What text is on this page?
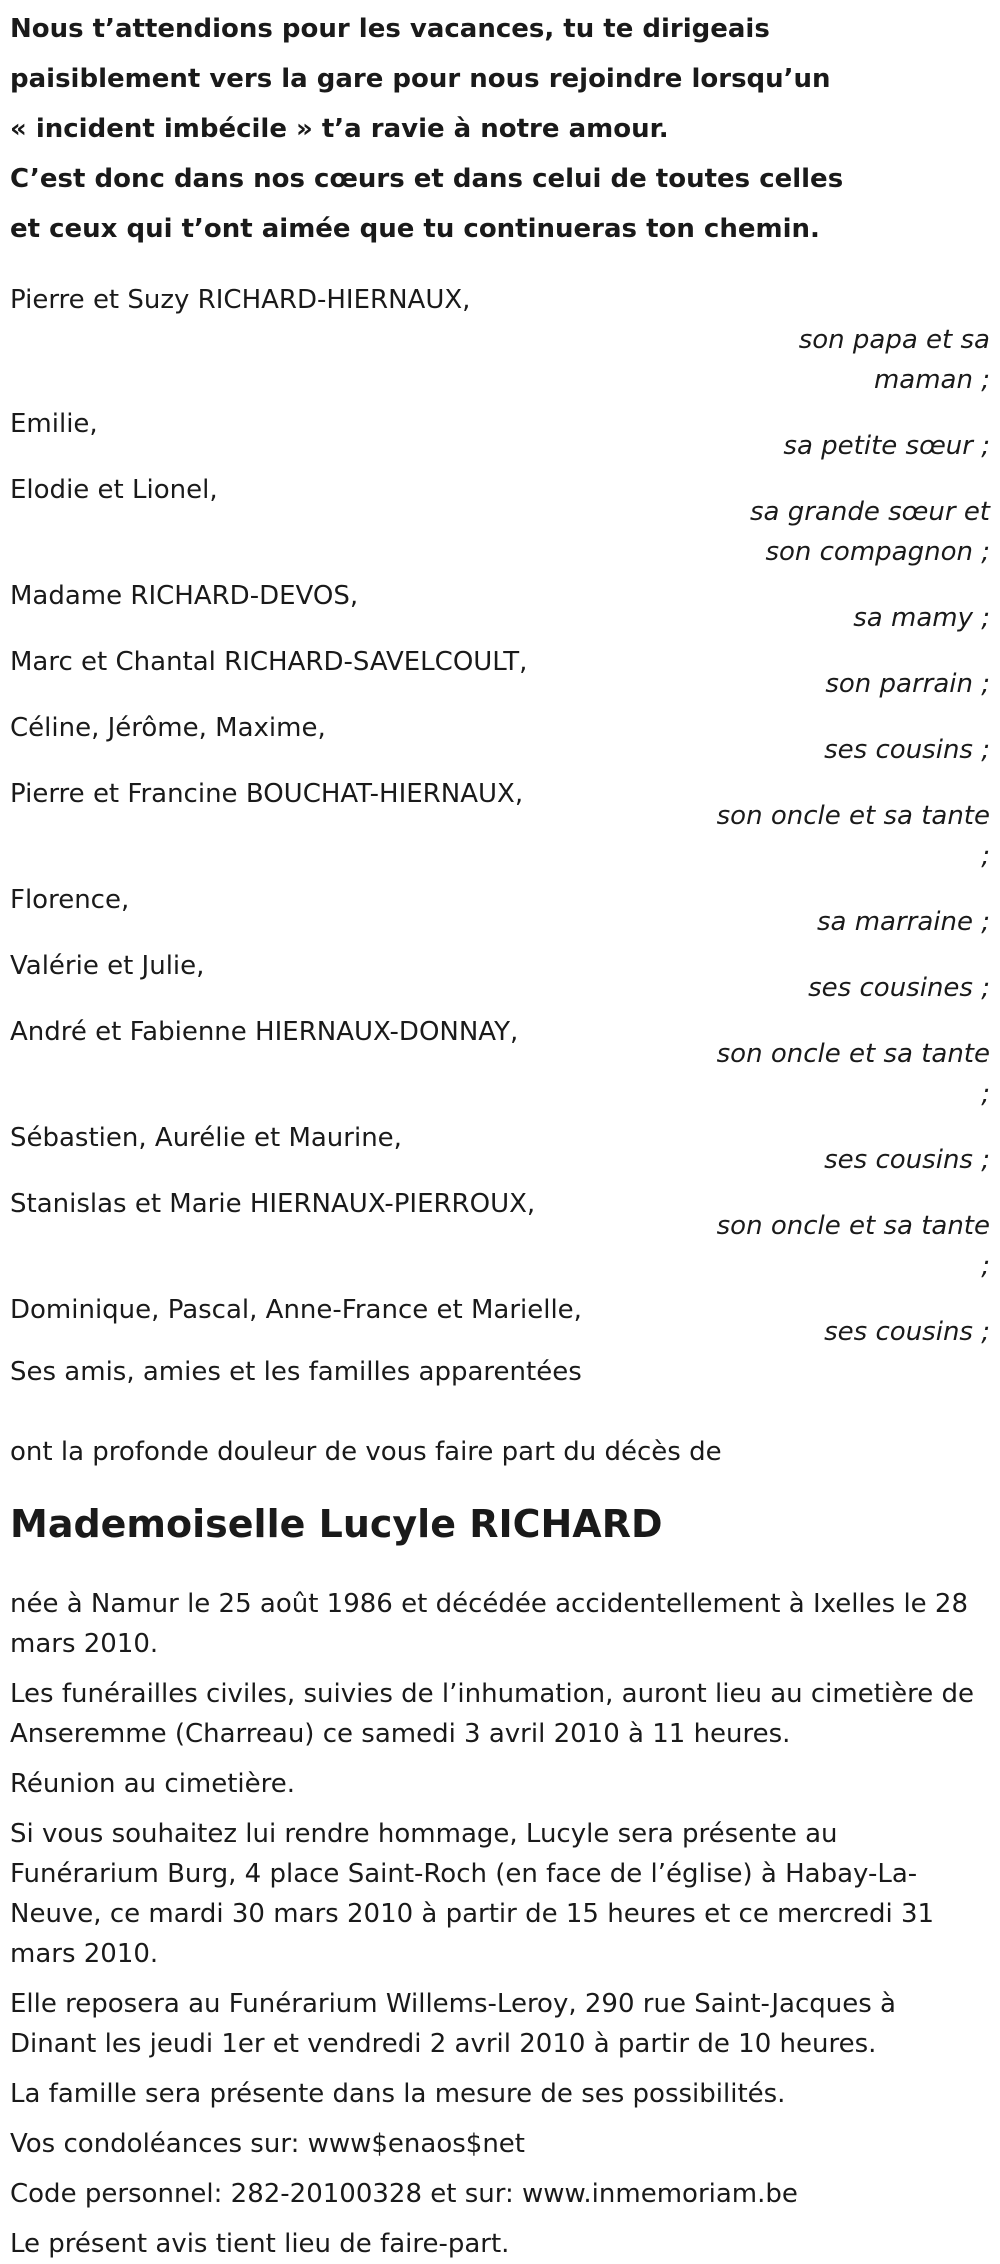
Nous t’attendions pour les vacances, tu te dirigeais

paisiblement vers la gare pour nous rejoindre lorsqu’un

« incident imbécile » t’a ravie à notre amour.

C’est donc dans nos cœurs et dans celui de toutes celles

et ceux qui t’ont aimée que tu continueras ton chemin.

Pierre et Suzy RICHARD-HIERNAUX,
son papa et sa maman ;
Emilie,
sa petite sœur ;
Elodie et Lionel,
sa grande sœur et son compagnon ;
Madame RICHARD-DEVOS,
sa mamy ;
Marc et Chantal RICHARD-SAVELCOULT,
son parrain ;
Céline, Jérôme, Maxime,
ses cousins ;
Pierre et Francine BOUCHAT-HIERNAUX,
son oncle et sa tante ;
Florence,
sa marraine ;
Valérie et Julie,
ses cousines ;
André et Fabienne HIERNAUX-DONNAY,
son oncle et sa tante ;
Sébastien, Aurélie et Maurine,
ses cousins ;
Stanislas et Marie HIERNAUX-PIERROUX,
son oncle et sa tante ;
Dominique, Pascal, Anne-France et Marielle,
ses cousins ;

Ses amis, amies et les familles apparentées

ont la profonde douleur de vous faire part du décès de

Mademoiselle Lucyle RICHARD

née à Namur le 25 août 1986 et décédée accidentellement à Ixelles le 28 mars 2010.

Les funérailles civiles, suivies de l’inhumation, auront lieu au cimetière de Anseremme (Charreau) ce samedi 3 avril 2010 à 11 heures.

Réunion au cimetière.

Si vous souhaitez lui rendre hommage, Lucyle sera présente au Funérarium Burg, 4 place Saint-Roch (en face de l’église) à Habay-La-Neuve, ce mardi 30 mars 2010 à partir de 15 heures et ce mercredi 31 mars 2010.

Elle reposera au Funérarium Willems-Leroy, 290 rue Saint-Jacques à Dinant les jeudi 1er et vendredi 2 avril 2010 à partir de 10 heures.

La famille sera présente dans la mesure de ses possibilités.

Vos condoléances sur: www$enaos$net

Code personnel: 282-20100328 et sur: www.inmemoriam.be

Le présent avis tient lieu de faire-part.
